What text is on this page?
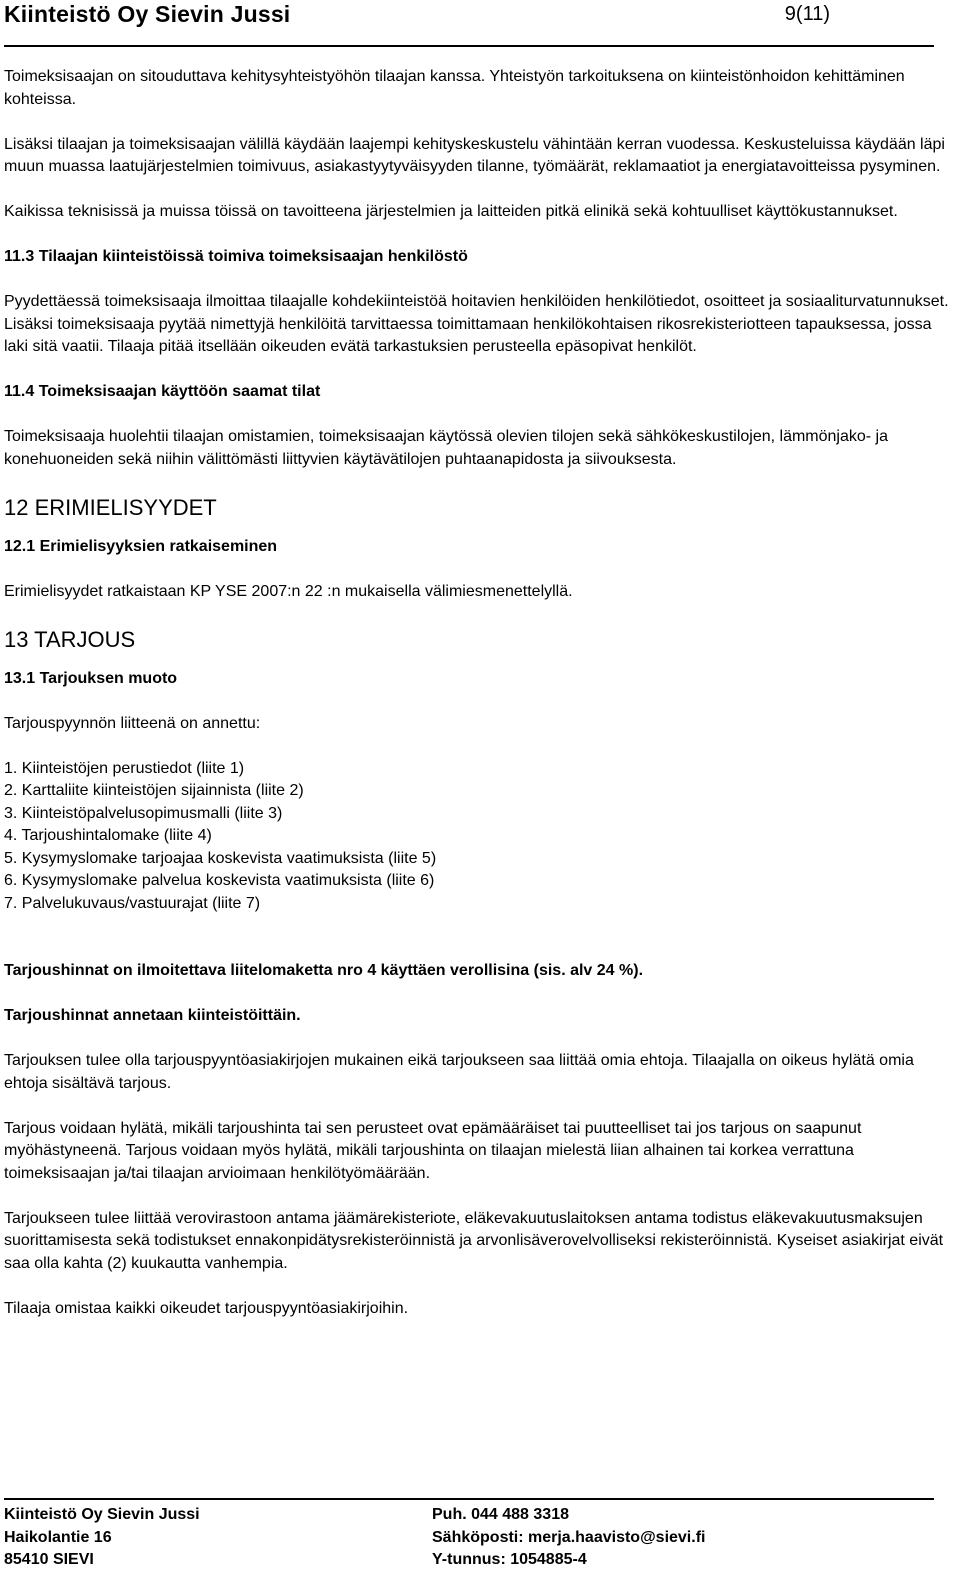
Kiinteistö Oy Sievin Jussi	9(11)

Toimeksisaajan on sitouduttava kehitysyhteistyöhön tilaajan kanssa. Yhteistyön tarkoituksena on kiinteistönhoidon kehittäminen kohteissa.

Lisäksi tilaajan ja toimeksisaajan välillä käydään laajempi kehityskeskustelu vähintään kerran vuodessa. Keskusteluissa käydään läpi muun muassa laatujärjestelmien toimivuus, asiakastyytyväisyyden tilanne, työmäärät, reklamaatiot ja energiatavoitteissa pysyminen.

Kaikissa teknisissä ja muissa töissä on tavoitteena järjestelmien ja laitteiden pitkä elinikä sekä kohtuulliset käyttökustannukset.

11.3 Tilaajan kiinteistöissä toimiva toimeksisaajan henkilöstö

Pyydettäessä toimeksisaaja ilmoittaa tilaajalle kohdekiinteistöä hoitavien henkilöiden henkilötiedot, osoitteet ja sosiaaliturvatunnukset. Lisäksi toimeksisaaja pyytää nimettyjä henkilöitä tarvittaessa toimittamaan henkilökohtaisen rikosrekisteriotteen tapauksessa, jossa laki sitä vaatii. Tilaaja pitää itsellään oikeuden evätä tarkastuksien perusteella epäsopivat henkilöt.

11.4 Toimeksisaajan käyttöön saamat tilat

Toimeksisaaja huolehtii tilaajan omistamien, toimeksisaajan käytössä olevien tilojen sekä sähkökeskustilojen, lämmönjako- ja konehuoneiden sekä niihin välittömästi liittyvien käytävätilojen puhtaanapidosta ja siivouksesta.

12 ERIMIELISYYDET
12.1 Erimielisyyksien ratkaiseminen

Erimielisyydet ratkaistaan KP YSE 2007:n 22 :n mukaisella välimiesmenettelyllä.

13 TARJOUS
13.1 Tarjouksen muoto

Tarjouspyynnön liitteenä on annettu:

1. Kiinteistöjen perustiedot (liite 1)
2. Karttaliite kiinteistöjen sijainnista (liite 2)
3. Kiinteistöpalvelusopimusmalli (liite 3)
4. Tarjoushintalomake (liite 4)
5. Kysymyslomake tarjoajaa koskevista vaatimuksista (liite 5)
6. Kysymyslomake palvelua koskevista vaatimuksista (liite 6)
7. Palvelukuvaus/vastuurajat (liite 7)

Tarjoushinnat on ilmoitettava liitelomaketta nro 4 käyttäen verollisina (sis. alv 24 %).

Tarjoushinnat annetaan kiinteistöittäin.

Tarjouksen tulee olla tarjouspyyntöasiakirjojen mukainen eikä tarjoukseen saa liittää omia ehtoja. Tilaajalla on oikeus hylätä omia ehtoja sisältävä tarjous.

Tarjous voidaan hylätä, mikäli tarjoushinta tai sen perusteet ovat epämääräiset tai puutteelliset tai jos tarjous on saapunut myöhästyneenä. Tarjous voidaan myös hylätä, mikäli tarjoushinta on tilaajan mielestä liian alhainen tai korkea verrattuna toimeksisaajan ja/tai tilaajan arvioimaan henkilötyömäärään.

Tarjoukseen tulee liittää verovirastoon antama jäämärekisteriote, eläkevakuutuslaitoksen antama todistus eläkevakuutusmaksujen suorittamisesta sekä todistukset ennakonpidätysrekisteröinnistä ja arvonlisäverovelvolliseksi rekisteröinnistä. Kyseiset asiakirjat eivät saa olla kahta (2) kuukautta vanhempia.

Tilaaja omistaa kaikki oikeudet tarjouspyyntöasiakirjoihin.

Kiinteistö Oy Sievin Jussi
Haikolantie 16
85410 SIEVI
Puh. 044 488 3318
Sähköposti: merja.haavisto@sievi.fi
Y-tunnus: 1054885-4
